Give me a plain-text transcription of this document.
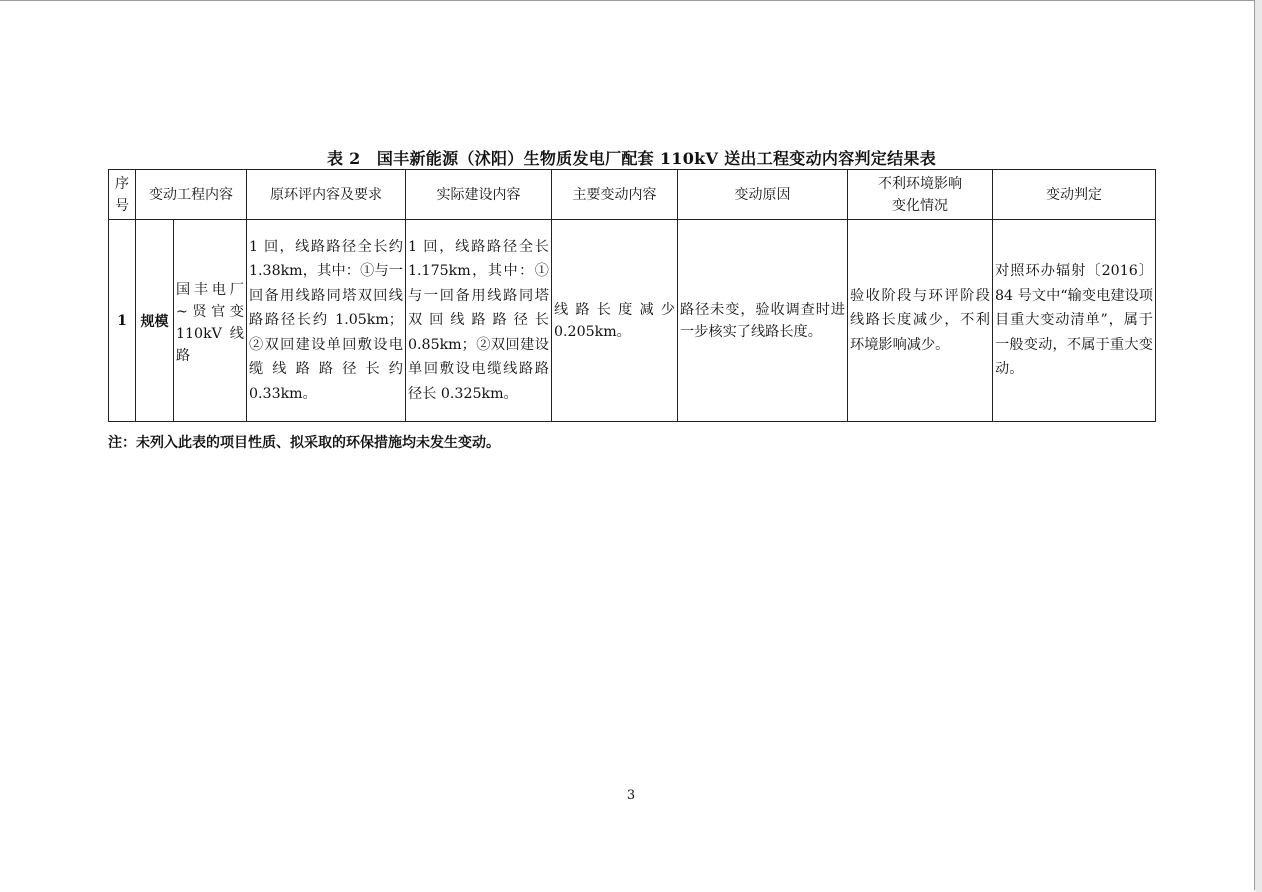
表 2　国丰新能源（沭阳）生物质发电厂配套 110kV 送出工程变动内容判定结果表
序号	变动工程内容		原环评内容及要求	实际建设内容	主要变动内容	变动原因	不利环境影响
变化情况	变动判定
1	规模	国丰电厂~贤官变110kV 线路	1 回，线路路径全长约 1.38km，其中：①与一回备用线路同塔双回线路路径长约 1.05km；②双回建设单回敷设电缆线路路径长约 0.33km。	1 回，线路路径全长 1.175km，其中：①与一回备用线路同塔双回线路路径长0.85km；②双回建设单回敷设电缆线路路径长 0.325km。	线路长度减少0.205km。	路径未变，验收调查时进一步核实了线路长度。	验收阶段与环评阶段线路长度减少，不利环境影响减少。	对照环办辐射〔2016〕84 号文中“输变电建设项目重大变动清单”，属于一般变动，不属于重大变动。
注：未列入此表的项目性质、拟采取的环保措施均未发生变动。
3
